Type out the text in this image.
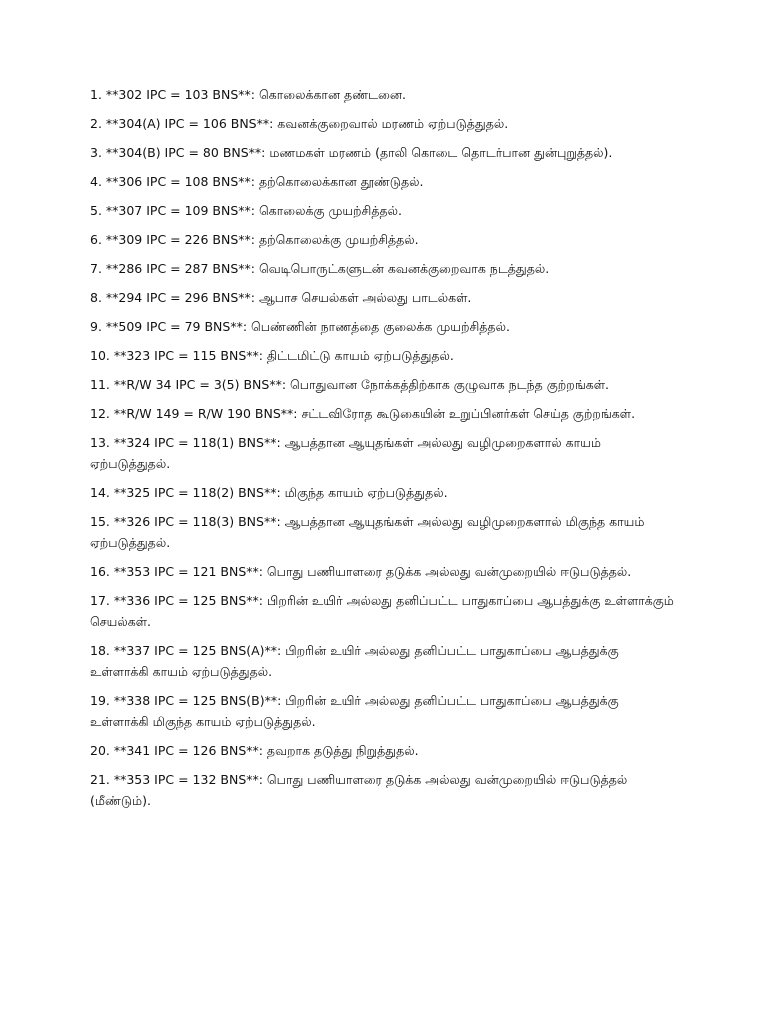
1. **302 IPC = 103 BNS**: கொலைக்கான தண்டனை.

2. **304(A) IPC = 106 BNS**: கவனக்குறைவால் மரணம் ஏற்படுத்துதல்.

3. **304(B) IPC = 80 BNS**: மணமகள் மரணம் (தாலி கொடை தொடர்பான துன்புறுத்தல்).

4. **306 IPC = 108 BNS**: தற்கொலைக்கான தூண்டுதல்.

5. **307 IPC = 109 BNS**: கொலைக்கு முயற்சித்தல்.

6. **309 IPC = 226 BNS**: தற்கொலைக்கு முயற்சித்தல்.

7. **286 IPC = 287 BNS**: வெடிபொருட்களுடன் கவனக்குறைவாக நடத்துதல்.

8. **294 IPC = 296 BNS**: ஆபாச செயல்கள் அல்லது பாடல்கள்.

9. **509 IPC = 79 BNS**: பெண்ணின் நாணத்தை குலைக்க முயற்சித்தல்.

10. **323 IPC = 115 BNS**: திட்டமிட்டு காயம் ஏற்படுத்துதல்.

11. **R/W 34 IPC = 3(5) BNS**: பொதுவான நோக்கத்திற்காக குழுவாக நடந்த குற்றங்கள்.

12. **R/W 149 = R/W 190 BNS**: சட்டவிரோத கூடுகையின் உறுப்பினர்கள் செய்த குற்றங்கள்.

13. **324 IPC = 118(1) BNS**: ஆபத்தான ஆயுதங்கள் அல்லது வழிமுறைகளால் காயம் ஏற்படுத்துதல்.

14. **325 IPC = 118(2) BNS**: மிகுந்த காயம் ஏற்படுத்துதல்.

15. **326 IPC = 118(3) BNS**: ஆபத்தான ஆயுதங்கள் அல்லது வழிமுறைகளால் மிகுந்த காயம் ஏற்படுத்துதல்.

16. **353 IPC = 121 BNS**: பொது பணியாளரை தடுக்க அல்லது வன்முறையில் ஈடுபடுத்தல்.

17. **336 IPC = 125 BNS**: பிறரின் உயிர் அல்லது தனிப்பட்ட பாதுகாப்பை ஆபத்துக்கு உள்ளாக்கும் செயல்கள்.

18. **337 IPC = 125 BNS(A)**: பிறரின் உயிர் அல்லது தனிப்பட்ட பாதுகாப்பை ஆபத்துக்கு உள்ளாக்கி காயம் ஏற்படுத்துதல்.

19. **338 IPC = 125 BNS(B)**: பிறரின் உயிர் அல்லது தனிப்பட்ட பாதுகாப்பை ஆபத்துக்கு உள்ளாக்கி மிகுந்த காயம் ஏற்படுத்துதல்.

20. **341 IPC = 126 BNS**: தவறாக தடுத்து நிறுத்துதல்.

21. **353 IPC = 132 BNS**: பொது பணியாளரை தடுக்க அல்லது வன்முறையில் ஈடுபடுத்தல் (மீண்டும்).
